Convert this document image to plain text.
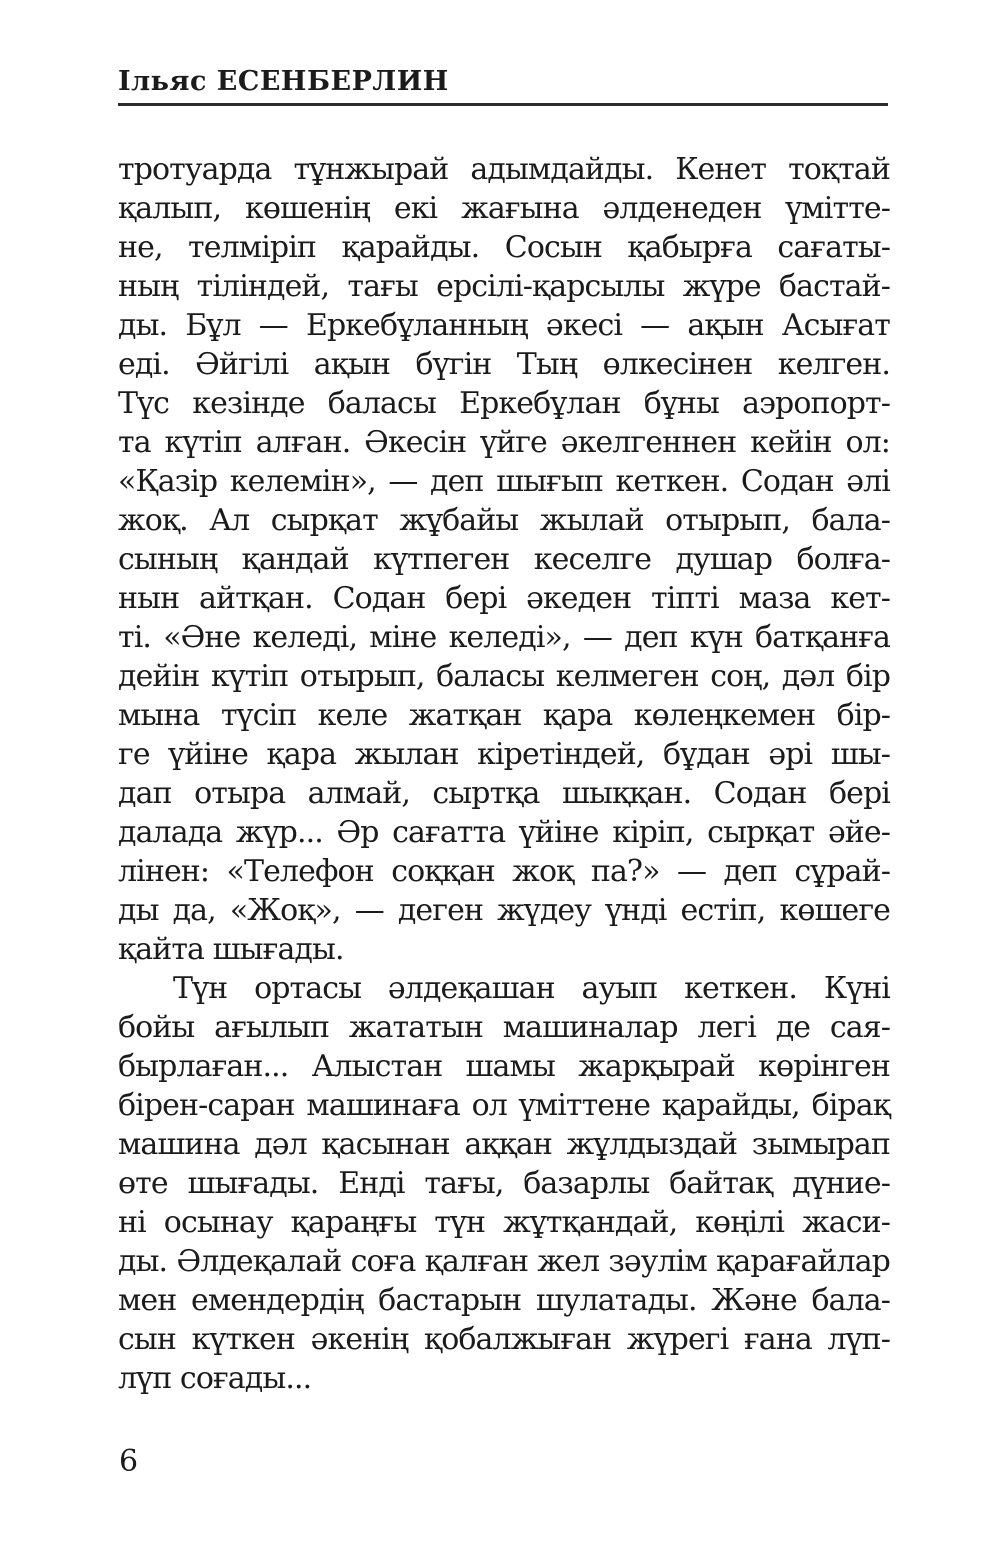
Ільяс ЕСЕНБЕРЛИН
тротуарда тұнжырай адымдайды. Кенет тоқтай
қалып, көшенің екі жағына әлденеден үмітте-
не, телміріп қарайды. Сосын қабырға сағаты-
ның тіліндей, тағы ерсілі-қарсылы жүре бастай-
ды. Бұл — Еркебұланның әкесі — ақын Асығат
еді. Әйгілі ақын бүгін Тың өлкесінен келген.
Түс кезінде баласы Еркебұлан бұны аэропорт-
та күтіп алған. Әкесін үйге әкелгеннен кейін ол:
«Қазір келемін», — деп шығып кеткен. Содан әлі
жоқ. Ал сырқат жұбайы жылай отырып, бала-
сының қандай күтпеген кеселге душар болға-
нын айтқан. Содан бері әкеден тіпті маза кет-
ті. «Әне келеді, міне келеді», — деп күн батқанға
дейін күтіп отырып, баласы келмеген соң, дәл бір
мына түсіп келе жатқан қара көлеңкемен бір-
ге үйіне қара жылан кіретіндей, бұдан әрі шы-
дап отыра алмай, сыртқа шыққан. Содан бері
далада жүр... Әр сағатта үйіне кіріп, сырқат әйе-
лінен: «Телефон соққан жоқ па?» — деп сұрай-
ды да, «Жоқ», — деген жүдеу үнді естіп, көшеге
қайта шығады.
Түн ортасы әлдеқашан ауып кеткен. Күні
бойы ағылып жататын машиналар легі де сая-
бырлаған... Алыстан шамы жарқырай көрінген
бірен-саран машинаға ол үміттене қарайды, бірақ
машина дәл қасынан аққан жұлдыздай зымырап
өте шығады. Енді тағы, базарлы байтақ дүние-
ні осынау қараңғы түн жұтқандай, көңілі жаси-
ды. Әлдеқалай соға қалған жел зәулім қарағайлар
мен емендердің бастарын шулатады. Және бала-
сын күткен әкенің қобалжыған жүрегі ғана лүп-
лүп соғады...
6
